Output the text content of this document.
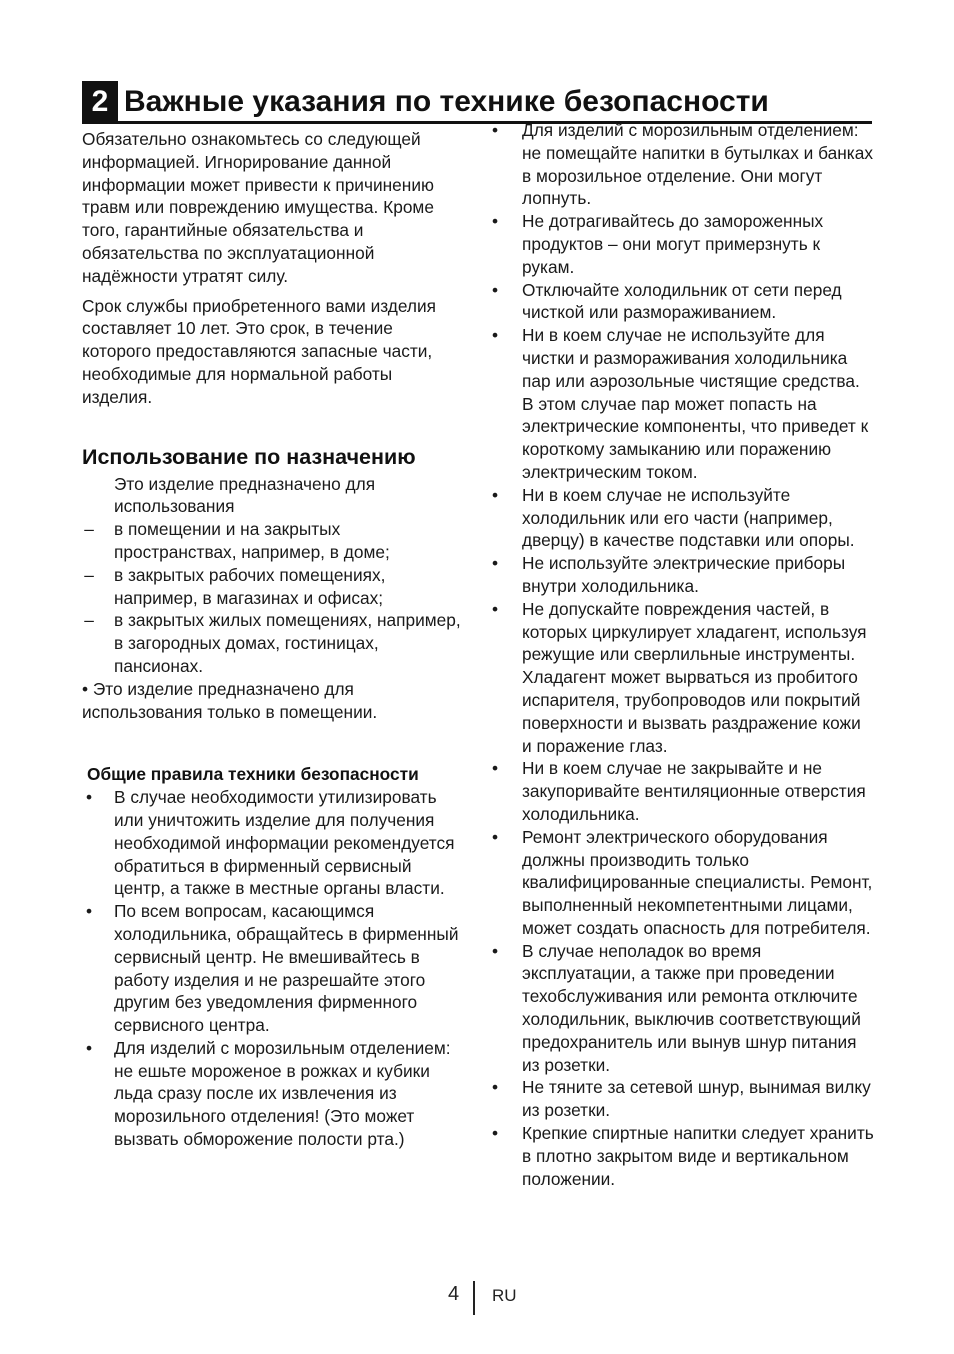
2 Важные указания по технике безопасности

Обязательно ознакомьтесь со следующей информацией. Игнорирование данной информации может привести к причинению травм или повреждению имущества. Кроме того, гарантийные обязательства и обязательства по эксплуатационной надёжности утратят силу.

Срок службы приобретенного вами изделия составляет 10 лет. Это срок, в течение которого предоставляются запасные части, необходимые для нормальной работы изделия.

Использование по назначению
Это изделие предназначено для использования
– в помещении и на закрытых пространствах, например, в доме;
– в закрытых рабочих помещениях, например, в магазинах и офисах;
– в закрытых жилых помещениях, например, в загородных домах, гостиницах, пансионах.
• Это изделие предназначено для использования только в помещении.
Общие правила техники безопасности
• В случае необходимости утилизировать или уничтожить изделие для получения необходимой информации рекомендуется обратиться в фирменный сервисный центр, а также в местные органы власти.
• По всем вопросам, касающимся холодильника, обращайтесь в фирменный сервисный центр. Не вмешивайтесь в работу изделия и не разрешайте этого другим без уведомления фирменного сервисного центра.
• Для изделий с морозильным отделением: не ешьте мороженое в рожках и кубики льда сразу после их извлечения из морозильного отделения! (Это может вызвать обморожение полости рта.)
• Для изделий с морозильным отделением: не помещайте напитки в бутылках и банках в морозильное отделение. Они могут лопнуть.
• Не дотрагивайтесь до замороженных продуктов – они могут примерзнуть к рукам.
• Отключайте холодильник от сети перед чисткой или размораживанием.
• Ни в коем случае не используйте для чистки и размораживания холодильника пар или аэрозольные чистящие средства. В этом случае пар может попасть на электрические компоненты, что приведет к короткому замыканию или поражению электрическим током.
• Ни в коем случае не используйте холодильник или его части (например, дверцу) в качестве подставки или опоры.
• Не используйте электрические приборы внутри холодильника.
• Не допускайте повреждения частей, в которых циркулирует хладагент, используя режущие или сверлильные инструменты. Хладагент может вырваться из пробитого испарителя, трубопроводов или покрытий поверхности и вызвать раздражение кожи и поражение глаз.
• Ни в коем случае не закрывайте и не закупоривайте вентиляционные отверстия холодильника.
• Ремонт электрического оборудования должны производить только квалифицированные специалисты. Ремонт, выполненный некомпетентными лицами, может создать опасность для потребителя.
• В случае неполадок во время эксплуатации, а также при проведении техобслуживания или ремонта отключите холодильник, выключив соответствующий предохранитель или вынув шнур питания из розетки.
• Не тяните за сетевой шнур, вынимая вилку из розетки.
• Крепкие спиртные напитки следует хранить в плотно закрытом виде и вертикальном положении.
4 RU
